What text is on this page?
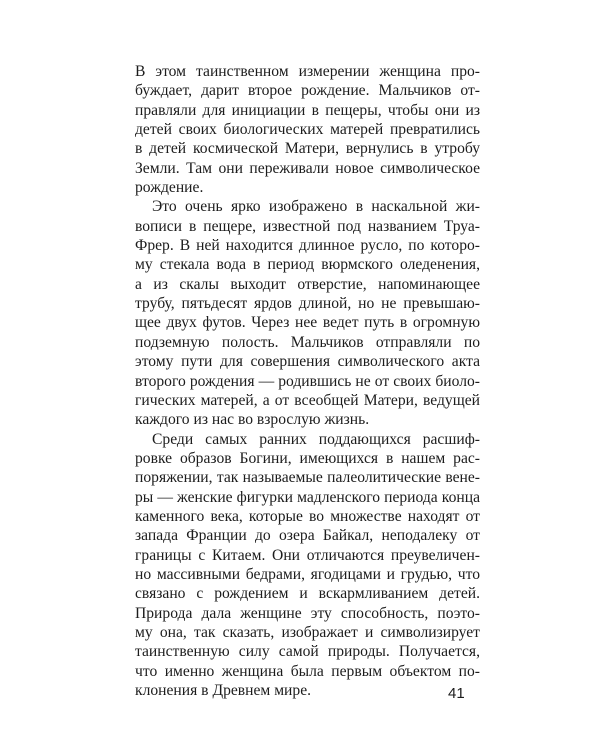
В этом таинственном измерении женщина про-
буждает, дарит второе рождение. Мальчиков от-
правляли для инициации в пещеры, чтобы они из
детей своих биологических матерей превратились
в детей космической Матери, вернулись в утробу
Земли. Там они переживали новое символическое
рождение.
Это очень ярко изображено в наскальной жи-
вописи в пещере, известной под названием Труа-
Фрер. В ней находится длинное русло, по которо-
му стекала вода в период вюрмского оледенения,
а из скалы выходит отверстие, напоминающее
трубу, пятьдесят ярдов длиной, но не превышаю-
щее двух футов. Через нее ведет путь в огромную
подземную полость. Мальчиков отправляли по
этому пути для совершения символического акта
второго рождения — родившись не от своих биоло-
гических матерей, а от всеобщей Матери, ведущей
каждого из нас во взрослую жизнь.
Среди самых ранних поддающихся расшиф-
ровке образов Богини, имеющихся в нашем рас-
поряжении, так называемые палеолитические вене-
ры — женские фигурки мадленского периода конца
каменного века, которые во множестве находят от
запада Франции до озера Байкал, неподалеку от
границы с Китаем. Они отличаются преувеличен-
но массивными бедрами, ягодицами и грудью, что
связано с рождением и вскармливанием детей.
Природа дала женщине эту способность, поэто-
му она, так сказать, изображает и символизирует
таинственную силу самой природы. Получается,
что именно женщина была первым объектом по-
клонения в Древнем мире.	41
